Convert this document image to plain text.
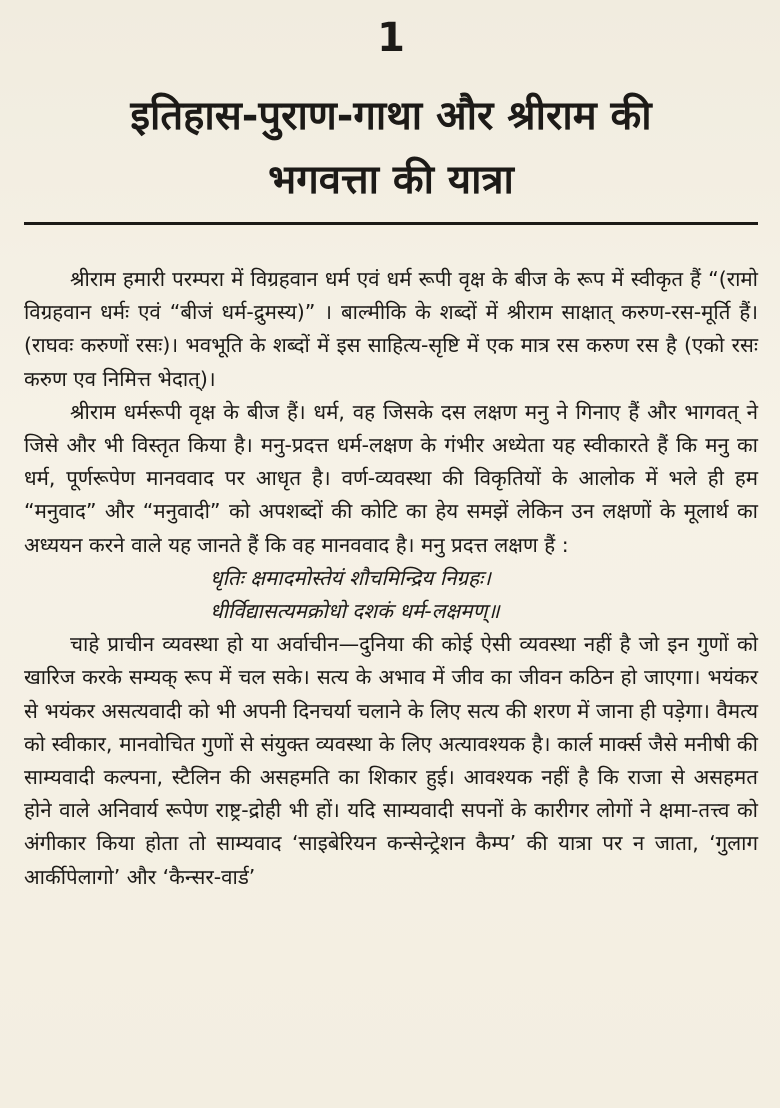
1
इतिहास-पुराण-गाथा और श्रीराम की
भगवत्ता की यात्रा

श्रीराम हमारी परम्परा में विग्रहवान धर्म एवं धर्म रूपी वृक्ष के बीज के रूप में स्वीकृत हैं “(रामो विग्रहवान धर्मः एवं “बीजं धर्म-द्रुमस्य)” । बाल्मीकि के शब्दों में श्रीराम साक्षात् करुण-रस-मूर्ति हैं। (राघवः करुणों रसः)। भवभूति के शब्दों में इस साहित्य-सृष्टि में एक मात्र रस करुण रस है (एको रसः करुण एव निमित्त भेदात्)।

श्रीराम धर्मरूपी वृक्ष के बीज हैं। धर्म, वह जिसके दस लक्षण मनु ने गिनाए हैं और भागवत् ने जिसे और भी विस्तृत किया है। मनु-प्रदत्त धर्म-लक्षण के गंभीर अध्येता यह स्वीकारते हैं कि मनु का धर्म, पूर्णरूपेण मानववाद पर आधृत है। वर्ण-व्यवस्था की विकृतियों के आलोक में भले ही हम “मनुवाद” और “मनुवादी” को अपशब्दों की कोटि का हेय समझें लेकिन उन लक्षणों के मूलार्थ का अध्ययन करने वाले यह जानते हैं कि वह मानववाद है। मनु प्रदत्त लक्षण हैं :

धृतिः क्षमादमोस्तेयं शौचमिन्द्रिय निग्रहः।
धीर्विद्यासत्यमक्रोधो दशकं धर्म-लक्षमण्॥

चाहे प्राचीन व्यवस्था हो या अर्वाचीन—दुनिया की कोई ऐसी व्यवस्था नहीं है जो इन गुणों को खारिज करके सम्यक् रूप में चल सके। सत्य के अभाव में जीव का जीवन कठिन हो जाएगा। भयंकर से भयंकर असत्यवादी को भी अपनी दिनचर्या चलाने के लिए सत्य की शरण में जाना ही पड़ेगा। वैमत्य को स्वीकार, मानवोचित गुणों से संयुक्त व्यवस्था के लिए अत्यावश्यक है। कार्ल मार्क्स जैसे मनीषी की साम्यवादी कल्पना, स्टैलिन की असहमति का शिकार हुई। आवश्यक नहीं है कि राजा से असहमत होने वाले अनिवार्य रूपेण राष्ट्र-द्रोही भी हों। यदि साम्यवादी सपनों के कारीगर लोगों ने क्षमा-तत्त्व को अंगीकार किया होता तो साम्यवाद ‘साइबेरियन कन्सेन्ट्रेशन कैम्प’ की यात्रा पर न जाता, ‘गुलाग आर्कीपेलागो’ और ‘कैन्सर-वार्ड’
